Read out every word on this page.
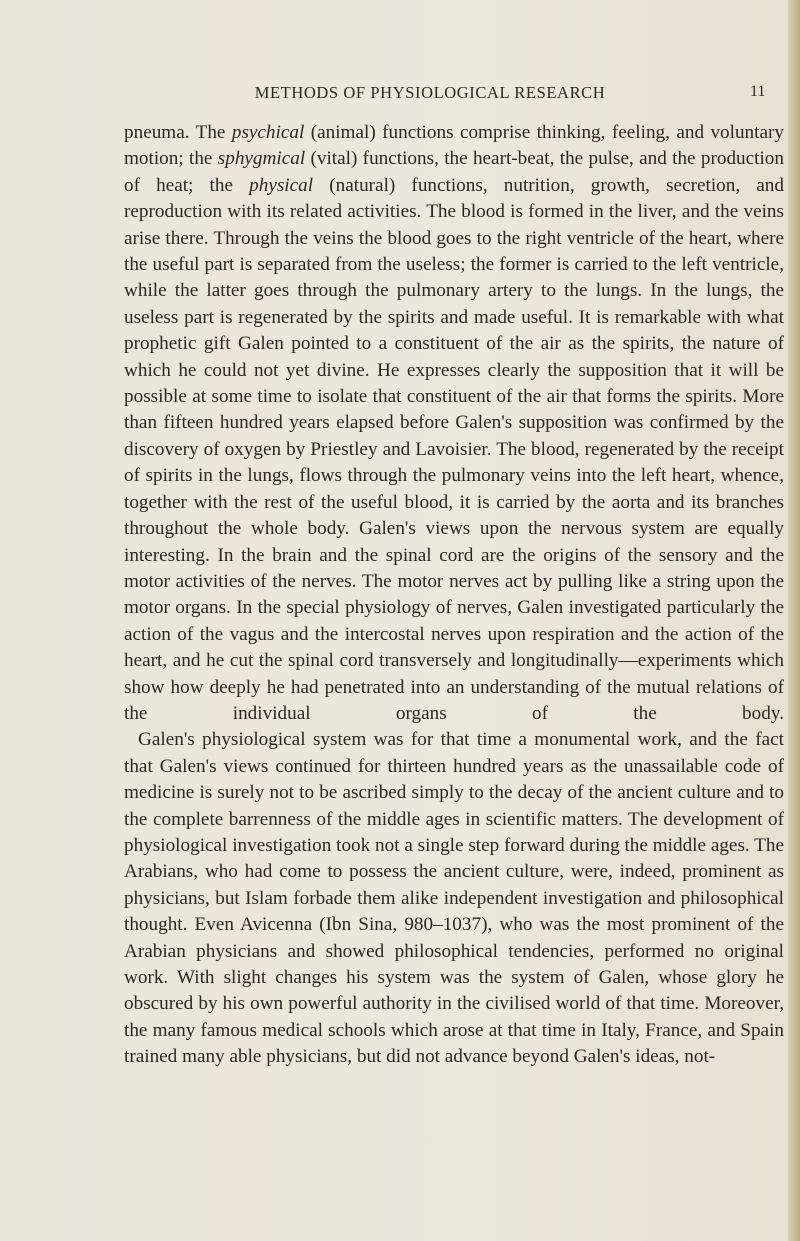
METHODS OF PHYSIOLOGICAL RESEARCH	11

pneuma. The psychical (animal) functions comprise thinking, feeling, and voluntary motion; the sphygmical (vital) functions, the heart-beat, the pulse, and the production of heat; the physical (natural) functions, nutrition, growth, secretion, and reproduction with its related activities. The blood is formed in the liver, and the veins arise there. Through the veins the blood goes to the right ventricle of the heart, where the useful part is separated from the useless; the former is carried to the left ventricle, while the latter goes through the pulmonary artery to the lungs. In the lungs, the useless part is regenerated by the spirits and made useful. It is remarkable with what prophetic gift Galen pointed to a constituent of the air as the spirits, the nature of which he could not yet divine. He expresses clearly the supposition that it will be possible at some time to isolate that constituent of the air that forms the spirits. More than fifteen hundred years elapsed before Galen's supposition was confirmed by the discovery of oxygen by Priestley and Lavoisier. The blood, regenerated by the receipt of spirits in the lungs, flows through the pulmonary veins into the left heart, whence, together with the rest of the useful blood, it is carried by the aorta and its branches throughout the whole body. Galen's views upon the nervous system are equally interesting. In the brain and the spinal cord are the origins of the sensory and the motor activities of the nerves. The motor nerves act by pulling like a string upon the motor organs. In the special physiology of nerves, Galen investigated particularly the action of the vagus and the intercostal nerves upon respiration and the action of the heart, and he cut the spinal cord transversely and longitudinally—experiments which show how deeply he had penetrated into an understanding of the mutual relations of the individual organs of the body.

Galen's physiological system was for that time a monumental work, and the fact that Galen's views continued for thirteen hundred years as the unassailable code of medicine is surely not to be ascribed simply to the decay of the ancient culture and to the complete barrenness of the middle ages in scientific matters. The development of physiological investigation took not a single step forward during the middle ages. The Arabians, who had come to possess the ancient culture, were, indeed, prominent as physicians, but Islam forbade them alike independent investigation and philosophical thought. Even Avicenna (Ibn Sina, 980–1037), who was the most prominent of the Arabian physicians and showed philosophical tendencies, performed no original work. With slight changes his system was the system of Galen, whose glory he obscured by his own powerful authority in the civilised world of that time. Moreover, the many famous medical schools which arose at that time in Italy, France, and Spain trained many able physicians, but did not advance beyond Galen's ideas, not-
